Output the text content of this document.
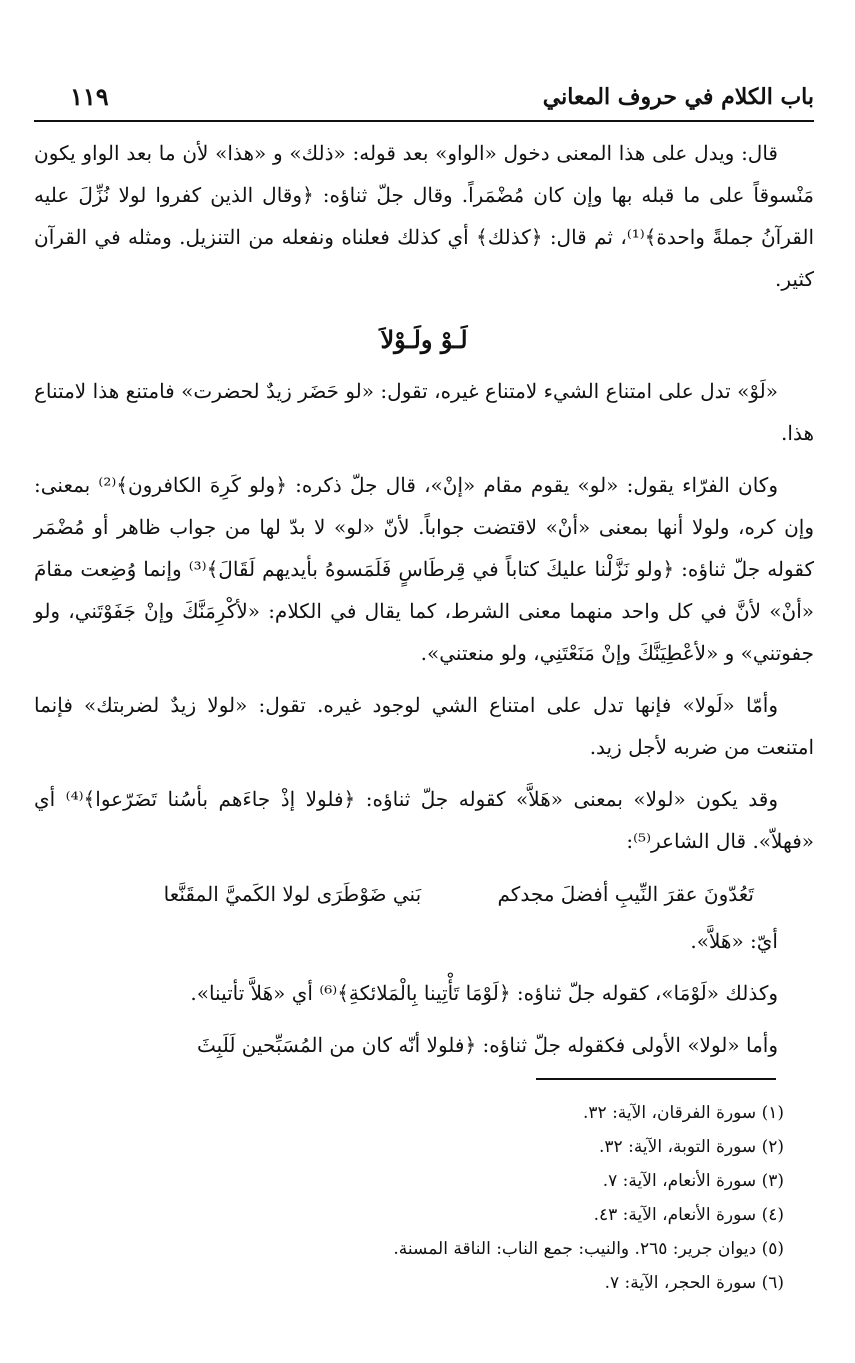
باب الكلام في حروف المعاني
١١٩

قال: ويدل على هذا المعنى دخول «الواو» بعد قوله: «ذلك» و «هذا» لأن ما بعد الواو يكون مَنْسوقاً على ما قبله بها وإن كان مُضْمَراً. وقال جلّ ثناؤه: ﴿وقال الذين كفروا لولا نُزِّلَ عليه القرآنُ جملةً واحدة﴾⁽¹⁾، ثم قال: ﴿كذلك﴾ أي كذلك فعلناه ونفعله من التنزيل. ومثله في القرآن كثير.

لَـوْ ولَـوْلاَ

«لَوْ» تدل على امتناع الشيء لامتناع غيره، تقول: «لو حَضَر زيدٌ لحضرت» فامتنع هذا لامتناع هذا.

وكان الفرّاء يقول: «لو» يقوم مقام «إنْ»، قال جلّ ذكره: ﴿ولو كَرِهَ الكافرون﴾⁽²⁾ بمعنى: وإن كره، ولولا أنها بمعنى «أنْ» لاقتضت جواباً. لأنّ «لو» لا بدّ لها من جواب ظاهر أو مُضْمَر كقوله جلّ ثناؤه: ﴿ولو نَزَّلْنا عليكَ كتاباً في قِرطَاسٍ فَلَمَسوهُ بأيديهم لَقَالَ﴾⁽³⁾ وإنما وُضِعت مقامَ «أنْ» لأنَّ في كل واحد منهما معنى الشرط، كما يقال في الكلام: «لأكْرِمَنَّكَ وإنْ جَفَوْتَني، ولو جفوتني» و «لأعْطِيَنَّكَ وإنْ مَنَعْتَنِي، ولو منعتني».

وأمّا «لَولا» فإنها تدل على امتناع الشي لوجود غيره. تقول: «لولا زيدٌ لضربتك» فإنما امتنعت من ضربه لأجل زيد.

وقد يكون «لولا» بمعنى «هَلاَّ» كقوله جلّ ثناؤه: ﴿فلولا إذْ جاءَهم بأسُنا تَضَرّعوا﴾⁽⁴⁾ أي «فهلاّ». قال الشاعر⁽⁵⁾:

تَعُدّونَ عقرَ النِّيبِ أفضلَ مجدكم بَني ضَوْطَرَى لولا الكَميَّ المقَنَّعا

أيّ: «هَلاَّ».

وكذلك «لَوْمَا»، كقوله جلّ ثناؤه: ﴿لَوْمَا تَأْتِينا بِالْمَلائكةِ﴾⁽⁶⁾ أي «هَلاَّ تأتينا».

وأما «لولا» الأولى فكقوله جلّ ثناؤه: ﴿فلولا أنّه كان من المُسَبِّحين لَلَبِثَ

(١) سورة الفرقان، الآية: ٣٢.
(٢) سورة التوبة، الآية: ٣٢.
(٣) سورة الأنعام، الآية: ٧.
(٤) سورة الأنعام، الآية: ٤٣.
(٥) ديوان جرير: ٢٦٥. والنيب: جمع الناب: الناقة المسنة.
(٦) سورة الحجر، الآية: ٧.
